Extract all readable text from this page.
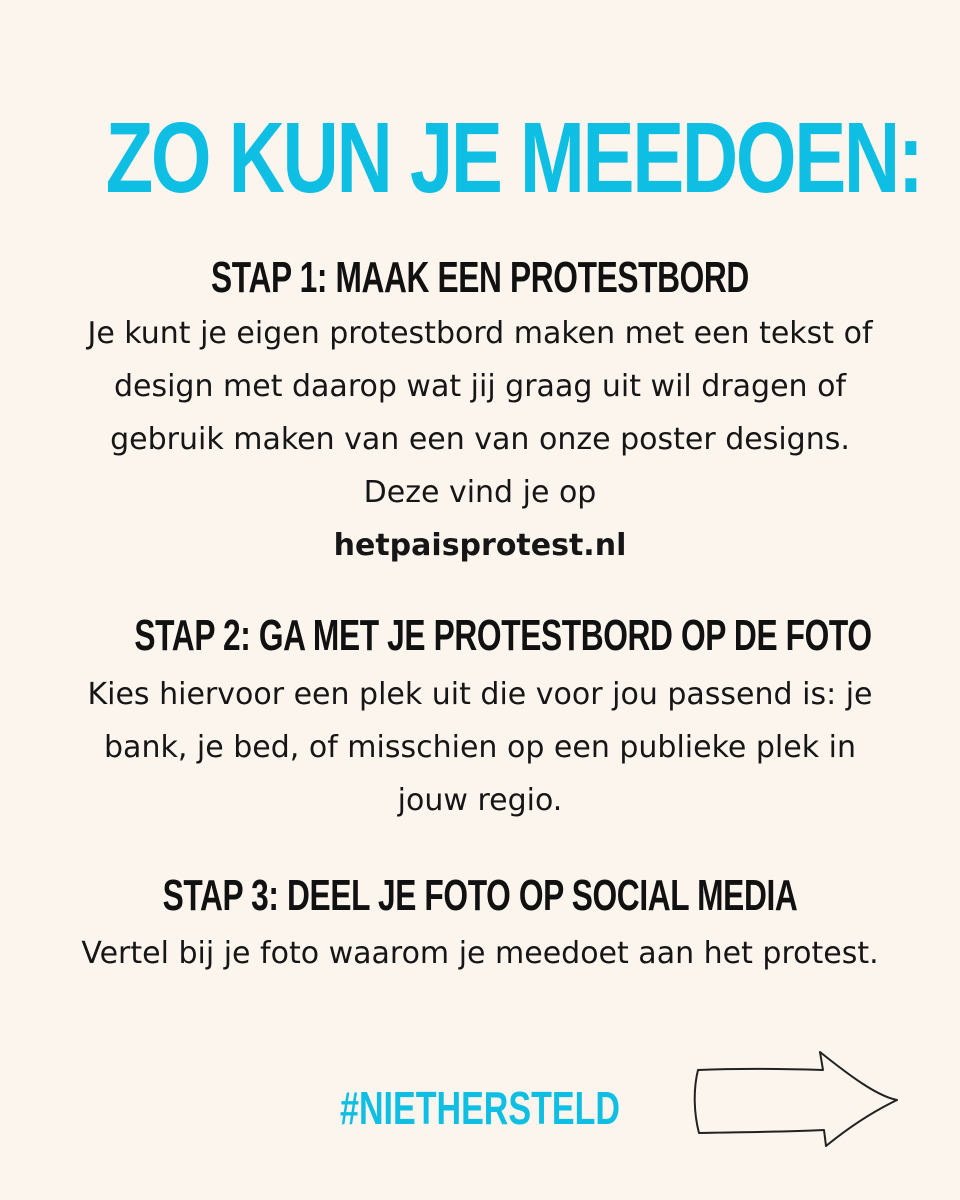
ZO KUN JE MEEDOEN:
STAP 1: MAAK EEN PROTESTBORD

Je kunt je eigen protestbord maken met een tekst of design met daarop wat jij graag uit wil dragen of gebruik maken van een van onze poster designs. Deze vind je op
hetpaisprotest.nl

STAP 2: GA MET JE PROTESTBORD OP DE FOTO

Kies hiervoor een plek uit die voor jou passend is: je bank, je bed, of misschien op een publieke plek in jouw regio.

STAP 3: DEEL JE FOTO OP SOCIAL MEDIA

Vertel bij je foto waarom je meedoet aan het protest.

#NIETHERSTELD
